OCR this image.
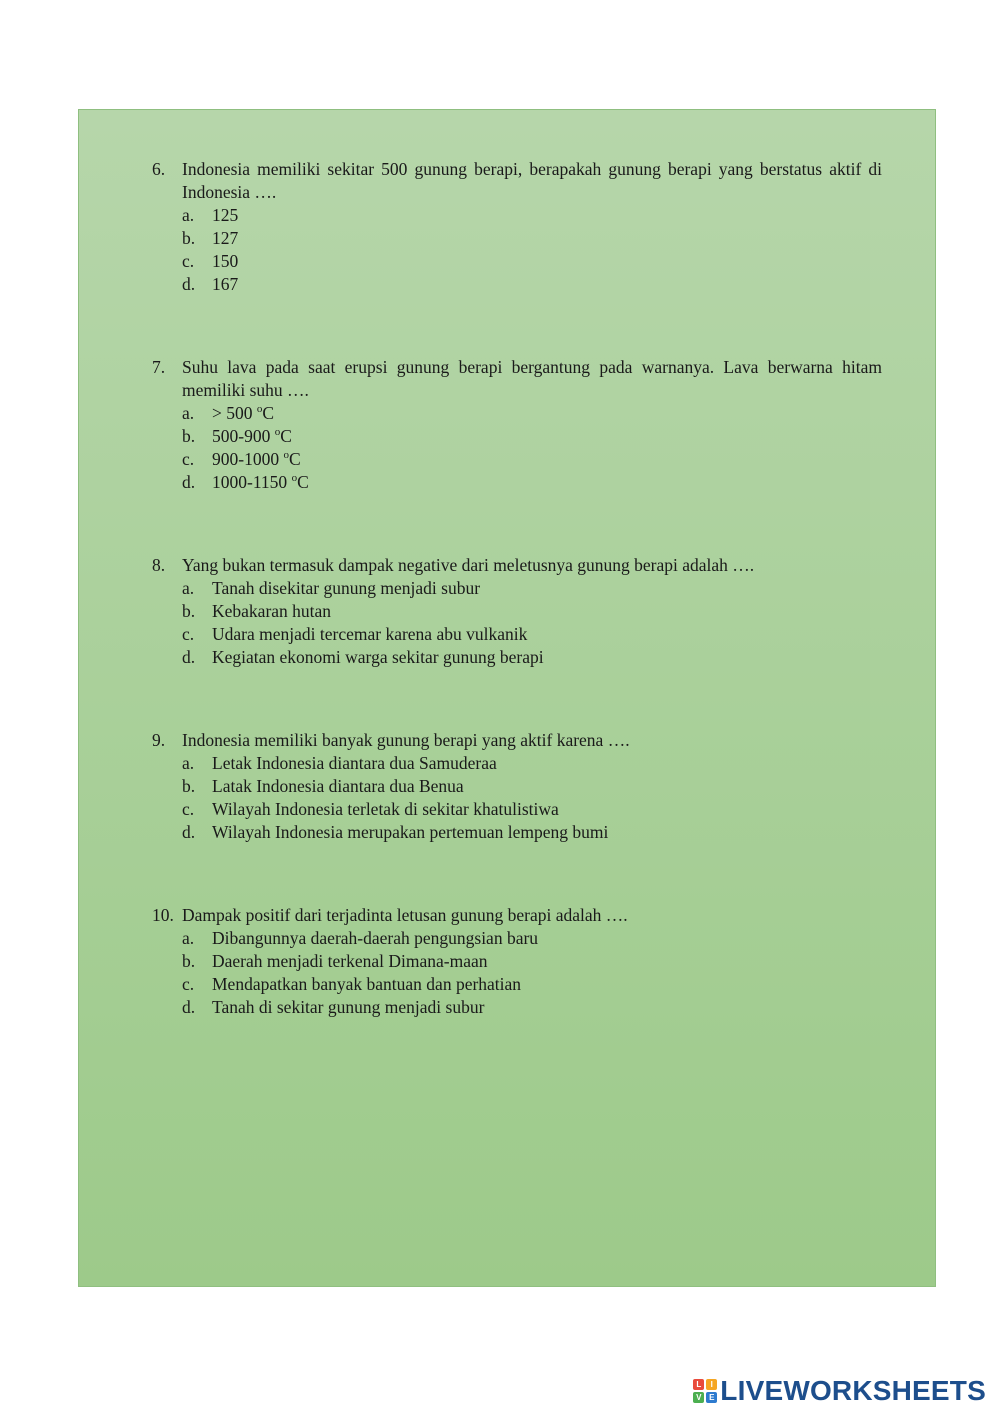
6. Indonesia memiliki sekitar 500 gunung berapi, berapakah gunung berapi yang berstatus aktif di Indonesia ….
a.	125
b. 127
c.	150
d. 167
7. Suhu lava pada saat erupsi gunung berapi bergantung pada warnanya. Lava berwarna hitam memiliki suhu ….
a.	> 500 $^o$C
b. 500-900 $^o$C
c.	900-1000 $^o$C
d. 1000-1150 $^o$C
8. Yang bukan termasuk dampak negative dari meletusnya gunung berapi adalah ….
a.	Tanah disekitar gunung menjadi subur
b. Kebakaran hutan
c.	Udara menjadi tercemar karena abu vulkanik
d. Kegiatan ekonomi warga sekitar gunung berapi
9. Indonesia memiliki banyak gunung berapi yang aktif karena ….
a.	Letak Indonesia diantara dua Samuderaa
b. Latak Indonesia diantara dua Benua
c.	Wilayah Indonesia terletak di sekitar khatulistiwa
d. Wilayah Indonesia merupakan pertemuan lempeng bumi
10. Dampak positif dari terjadinta letusan gunung berapi adalah ….
a.	Dibangunnya daerah-daerah pengungsian baru
b. Daerah menjadi terkenal Dimana-maan
c.	Mendapatkan banyak bantuan dan perhatian
d. Tanah di sekitar gunung menjadi subur
L	I
V E LIVEWORKSHEETS
